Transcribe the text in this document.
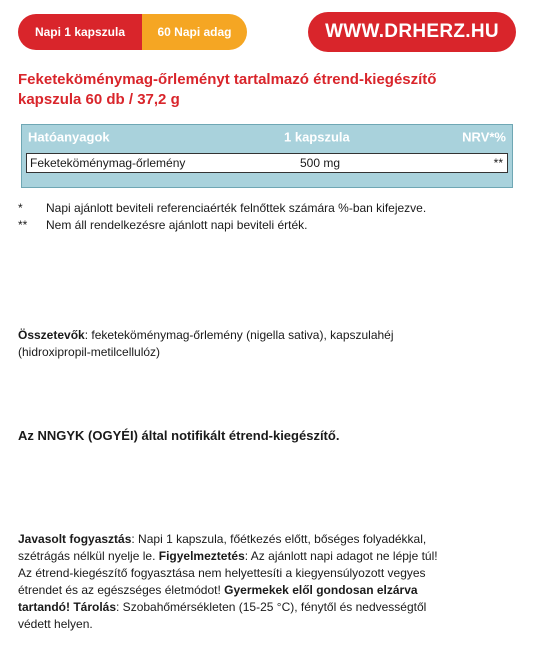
Napi 1 kapszula	60 Napi adag	WWW.DRHERZ.HU
Feketeköménymag-őrleményt tartalmazó étrend-kiegészítő
kapszula 60 db / 37,2 g
Hatóanyagok	1 kapszula	NRV*%
Feketeköménymag-őrlemény	500 mg	**
*	Napi ajánlott beviteli referenciaérték felnőttek számára %-ban kifejezve.
**	Nem áll rendelkezésre ajánlott napi beviteli érték.
Összetevők: feketeköménymag-őrlemény (nigella sativa), kapszulahéj
(hidroxipropil-metilcellulóz)
Az NNGYK (OGYÉI) által notifikált étrend-kiegészítő.
Javasolt fogyasztás: Napi 1 kapszula, főétkezés előtt, bőséges folyadékkal,
szétrágás nélkül nyelje le. Figyelmeztetés: Az ajánlott napi adagot ne lépje túl!
Az étrend-kiegészítő fogyasztása nem helyettesíti a kiegyensúlyozott vegyes
étrendet és az egészséges életmódot! Gyermekek elől gondosan elzárva
tartandó! Tárolás: Szobahőmérsékleten (15-25 °C), fénytől és nedvességtől
védett helyen.
